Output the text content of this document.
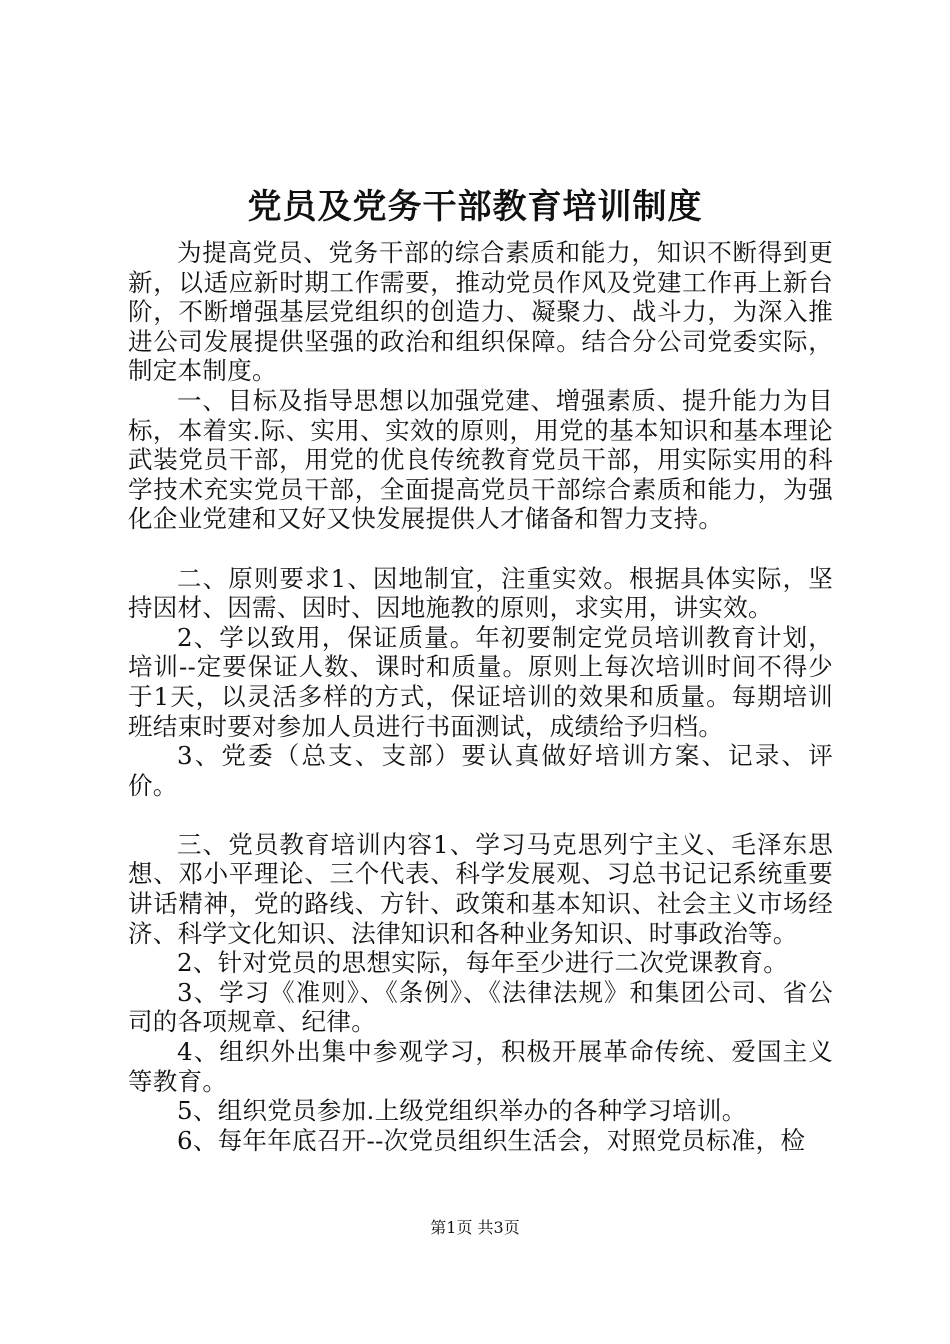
党员及党务干部教育培训制度

为提高党员、党务干部的综合素质和能力，知识不断得到更新，以适应新时期工作需要，推动党员作风及党建工作再上新台阶，不断增强基层党组织的创造力、凝聚力、战斗力，为深入推进公司发展提供坚强的政治和组织保障。结合分公司党委实际，制定本制度。

一、目标及指导思想以加强党建、增强素质、提升能力为目标，本着实.际、实用、实效的原则，用党的基本知识和基本理论武装党员干部，用党的优良传统教育党员干部，用实际实用的科学技术充实党员干部，全面提高党员干部综合素质和能力，为强化企业党建和又好又快发展提供人才储备和智力支持。

二、原则要求1、因地制宜，注重实效。根据具体实际，坚持因材、因需、因时、因地施教的原则，求实用，讲实效。

2、学以致用，保证质量。年初要制定党员培训教育计划，培训--定要保证人数、课时和质量。原则上每次培训时间不得少于1天，以灵活多样的方式，保证培训的效果和质量。每期培训班结束时要对参加人员进行书面测试，成绩给予归档。

3、党委（总支、支部）要认真做好培训方案、记录、评价。

三、党员教育培训内容1、学习马克思列宁主义、毛泽东思想、邓小平理论、三个代表、科学发展观、习总书记记系统重要讲话精神，党的路线、方针、政策和基本知识、社会主义市场经济、科学文化知识、法律知识和各种业务知识、时事政治等。

2、针对党员的思想实际，每年至少进行二次党课教育。

3、学习《准则》、《条例》、《法律法规》和集团公司、省公司的各项规章、纪律。

4、组织外出集中参观学习，积极开展革命传统、爱国主义等教育。

5、组织党员参加.上级党组织举办的各种学习培训。

6、每年年底召开--次党员组织生活会，对照党员标准，检

第1页 共3页
